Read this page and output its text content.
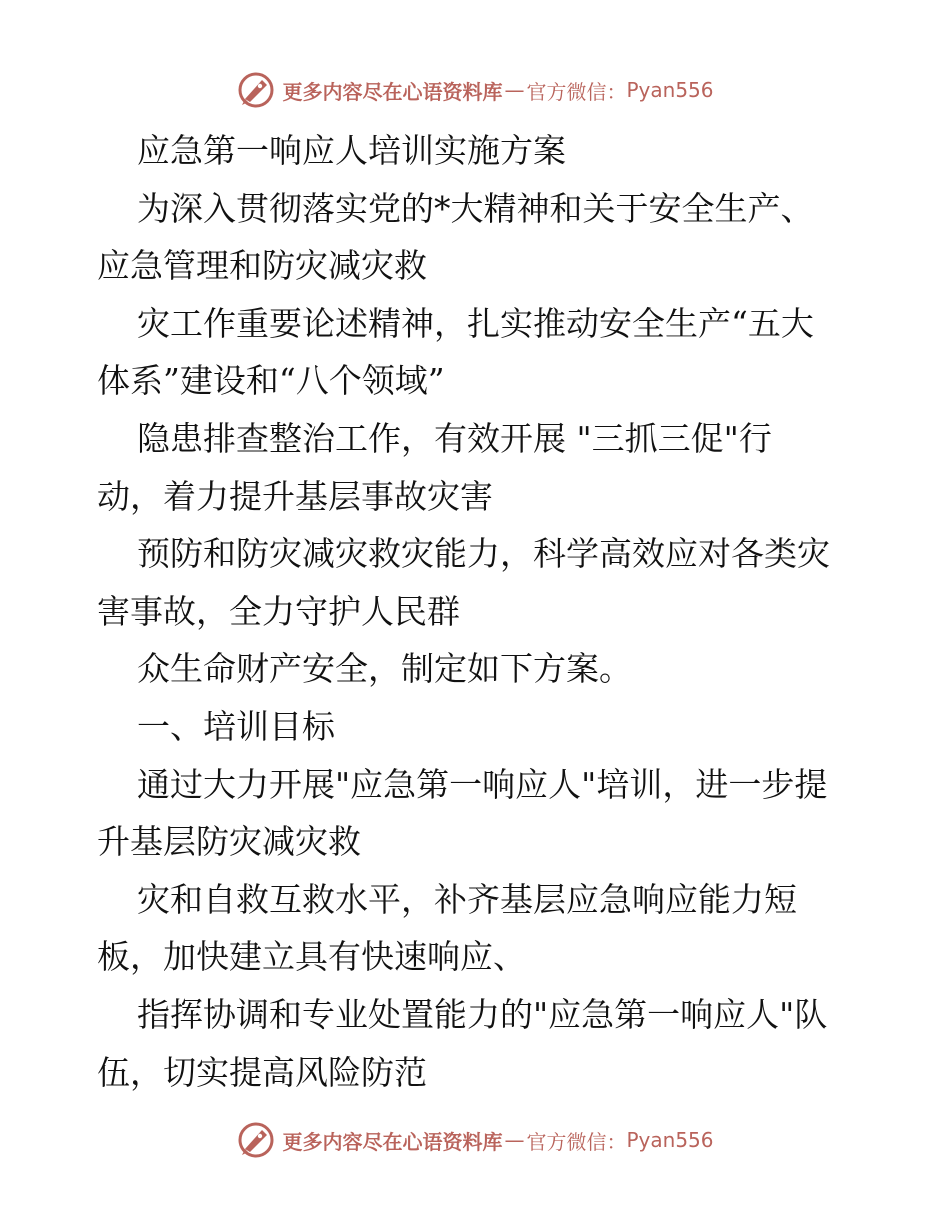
更多内容尽在心语资料库 — 官方微信： Pyan556
应急第一响应人培训实施方案
为深入贯彻落实党的*大精神和关于安全生产、
应急管理和防灾减灾救
灾工作重要论述精神，扎实推动安全生产“五大
体系”建设和“八个领域”
隐患排查整治工作，有效开展 "三抓三促"行
动，着力提升基层事故灾害
预防和防灾减灾救灾能力，科学高效应对各类灾
害事故，全力守护人民群
众生命财产安全，制定如下方案。
一、培训目标
通过大力开展"应急第一响应人"培训，进一步提
升基层防灾减灾救
灾和自救互救水平，补齐基层应急响应能力短
板，加快建立具有快速响应、
指挥协调和专业处置能力的"应急第一响应人"队
伍，切实提高风险防范
更多内容尽在心语资料库 — 官方微信： Pyan556
